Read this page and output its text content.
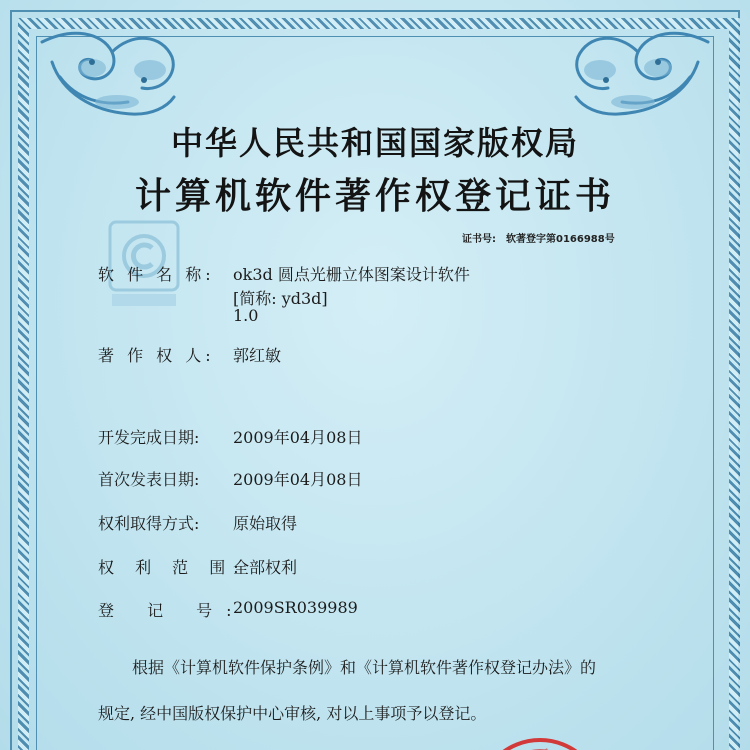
中华人民共和国国家版权局
计算机软件著作权登记证书
证书号: 软著登字第0166988号
软 件 名 称: ok3d 圆点光栅立体图案设计软件
[简称: yd3d]
1.0
著 作 权 人: 郭红敏
开发完成日期: 2009年04月08日
首次发表日期: 2009年04月08日
权利取得方式: 原始取得
权 利 范 围:
全部权利
登 记 号:
2009SR039989
根据《计算机软件保护条例》和《计算机软件著作权登记办法》的
规定, 经中国版权保护中心审核, 对以上事项予以登记。
